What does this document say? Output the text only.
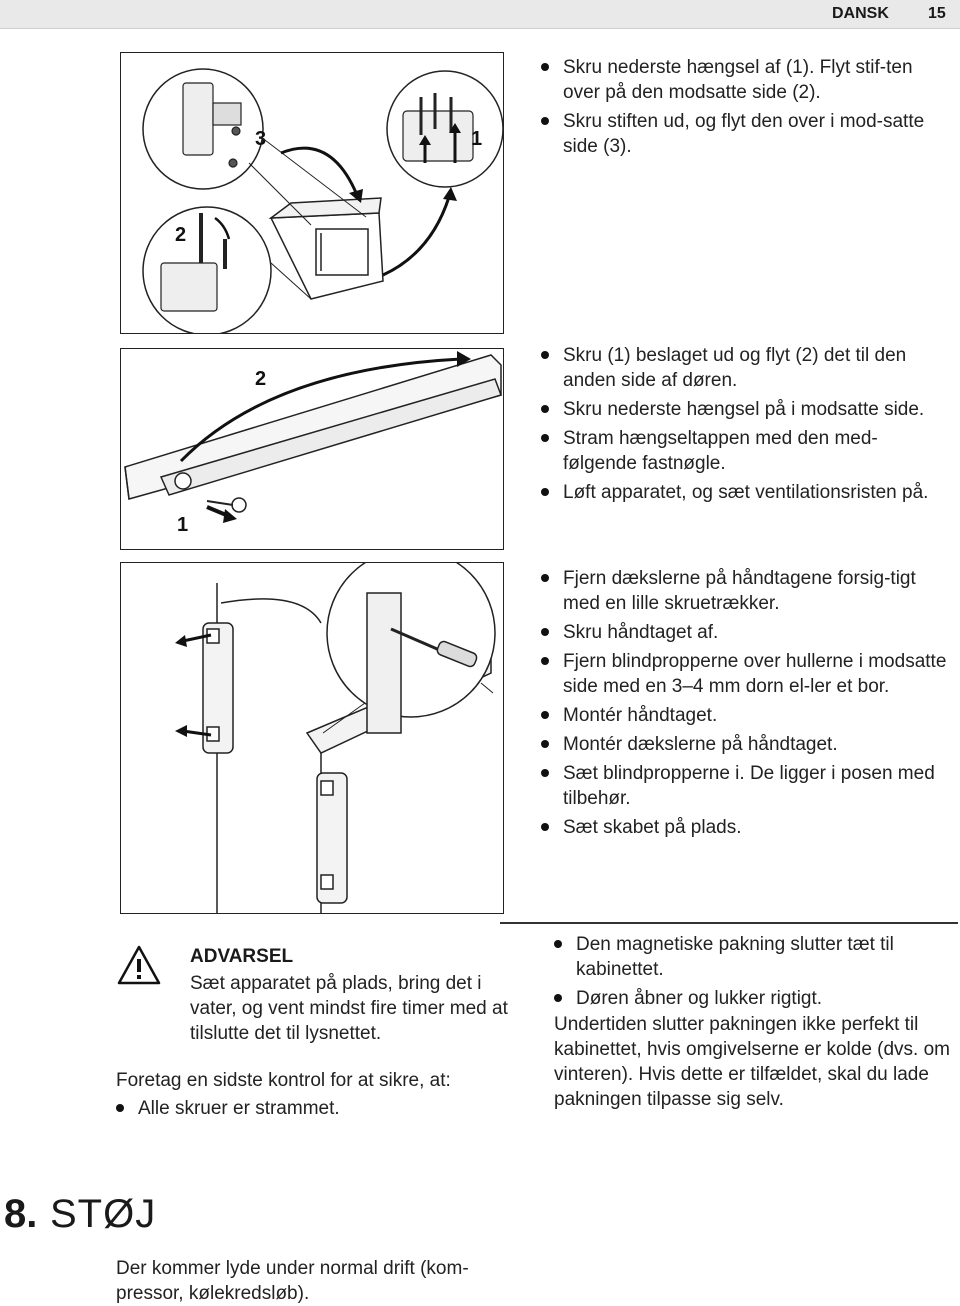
DANSK 15
3	1
2
2
1
Skru nederste hængsel af (1). Flyt stif-ten over på den modsatte side (2).
Skru stiften ud, og flyt den over i mod-satte side (3).
Skru (1) beslaget ud og flyt (2) det til den anden side af døren.
Skru nederste hængsel på i modsatte side.
Stram hængseltappen med den med-følgende fastnøgle.
Løft apparatet, og sæt ventilationsristen på.
Fjern dækslerne på håndtagene forsig-tigt med en lille skruetrækker.
Skru håndtaget af.
Fjern blindpropperne over hullerne i modsatte side med en 3–4 mm dorn el-ler et bor.
Montér håndtaget.
Montér dækslerne på håndtaget.
Sæt blindpropperne i. De ligger i posen med tilbehør.
Sæt skabet på plads.
ADVARSEL
Sæt apparatet på plads, bring det i vater, og vent mindst fire timer med at tilslutte det til lysnettet.
Foretag en sidste kontrol for at sikre, at:
Alle skruer er strammet.
Den magnetiske pakning slutter tæt til kabinettet.
Døren åbner og lukker rigtigt.
Undertiden slutter pakningen ikke perfekt til kabinettet, hvis omgivelserne er kolde (dvs. om vinteren). Hvis dette er tilfældet, skal du lade pakningen tilpasse sig selv.
8. STØJ
Der kommer lyde under normal drift (kom-pressor, kølekredsløb).
